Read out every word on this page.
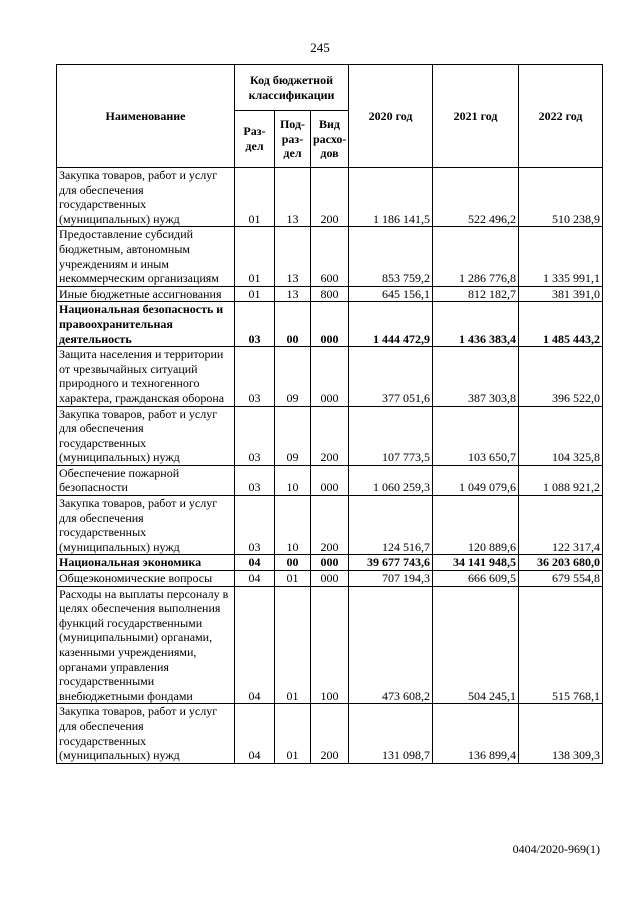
245
Наименование	Код бюджетной классификации			2020 год	2021 год	2022 год
	Раз-дел	Под-раз-дел	Вид расхо-дов			
Закупка товаров, работ и услуг для обеспечения государственных (муниципальных) нужд	01	13	200	1 186 141,5	522 496,2	510 238,9
Предоставление субсидий бюджетным, автономным учреждениям и иным некоммерческим организациям	01	13	600	853 759,2	1 286 776,8	1 335 991,1
Иные бюджетные ассигнования	01	13	800	645 156,1	812 182,7	381 391,0
Национальная безопасность и правоохранительная деятельность	03	00	000	1 444 472,9	1 436 383,4	1 485 443,2
Защита населения и территории от чрезвычайных ситуаций природного и техногенного характера, гражданская оборона	03	09	000	377 051,6	387 303,8	396 522,0
Закупка товаров, работ и услуг для обеспечения государственных (муниципальных) нужд	03	09	200	107 773,5	103 650,7	104 325,8
Обеспечение пожарной безопасности	03	10	000	1 060 259,3	1 049 079,6	1 088 921,2
Закупка товаров, работ и услуг для обеспечения государственных (муниципальных) нужд	03	10	200	124 516,7	120 889,6	122 317,4
Национальная экономика	04	00	000	39 677 743,6	34 141 948,5	36 203 680,0
Общеэкономические вопросы	04	01	000	707 194,3	666 609,5	679 554,8
Расходы на выплаты персоналу в целях обеспечения выполнения функций государственными (муниципальными) органами, казенными учреждениями, органами управления государственными внебюджетными фондами	04	01	100	473 608,2	504 245,1	515 768,1
Закупка товаров, работ и услуг для обеспечения государственных (муниципальных) нужд	04	01	200	131 098,7	136 899,4	138 309,3
0404/2020-969(1)
